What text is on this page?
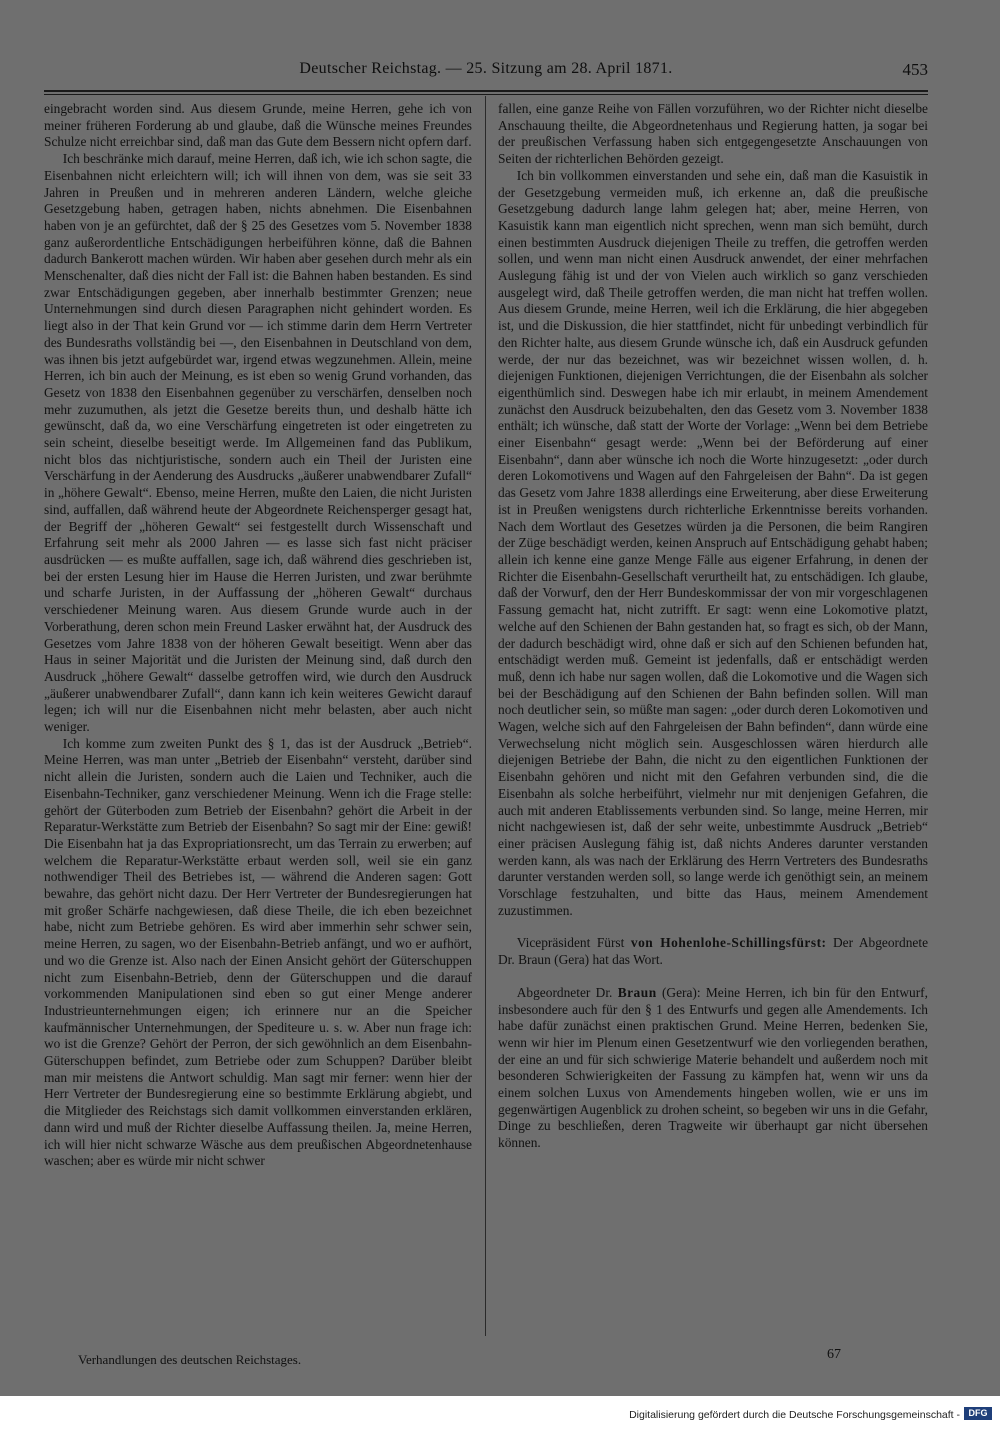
Deutscher Reichstag. — 25. Sitzung am 28. April 1871.	453

eingebracht worden sind. Aus diesem Grunde, meine Herren, gehe ich von meiner früheren Forderung ab und glaube, daß die Wünsche meines Freundes Schulze nicht erreichbar sind, daß man das Gute dem Bessern nicht opfern darf.

Ich beschränke mich darauf, meine Herren, daß ich, wie ich schon sagte, die Eisenbahnen nicht erleichtern will; ich will ihnen von dem, was sie seit 33 Jahren in Preußen und in mehreren anderen Ländern, welche gleiche Gesetzgebung haben, getragen haben, nichts abnehmen. Die Eisenbahnen haben von je an gefürchtet, daß der § 25 des Gesetzes vom 5. November 1838 ganz außerordentliche Entschädigungen herbeiführen könne, daß die Bahnen dadurch Bankerott machen würden. Wir haben aber gesehen durch mehr als ein Menschenalter, daß dies nicht der Fall ist: die Bahnen haben bestanden. Es sind zwar Entschädigungen gegeben, aber innerhalb bestimmter Grenzen; neue Unternehmungen sind durch diesen Paragraphen nicht gehindert worden. Es liegt also in der That kein Grund vor — ich stimme darin dem Herrn Vertreter des Bundesraths vollständig bei —, den Eisenbahnen in Deutschland von dem, was ihnen bis jetzt aufgebürdet war, irgend etwas wegzunehmen. Allein, meine Herren, ich bin auch der Meinung, es ist eben so wenig Grund vorhanden, das Gesetz von 1838 den Eisenbahnen gegenüber zu verschärfen, denselben noch mehr zuzumuthen, als jetzt die Gesetze bereits thun, und deshalb hätte ich gewünscht, daß da, wo eine Verschärfung eingetreten ist oder eingetreten zu sein scheint, dieselbe beseitigt werde. Im Allgemeinen fand das Publikum, nicht blos das nichtjuristische, sondern auch ein Theil der Juristen eine Verschärfung in der Aenderung des Ausdrucks „äußerer unabwendbarer Zufall“ in „höhere Gewalt“. Ebenso, meine Herren, mußte den Laien, die nicht Juristen sind, auffallen, daß während heute der Abgeordnete Reichensperger gesagt hat, der Begriff der „höheren Gewalt“ sei festgestellt durch Wissenschaft und Erfahrung seit mehr als 2000 Jahren — es lasse sich fast nicht präciser ausdrücken — es mußte auffallen, sage ich, daß während dies geschrieben ist, bei der ersten Lesung hier im Hause die Herren Juristen, und zwar berühmte und scharfe Juristen, in der Auffassung der „höheren Gewalt“ durchaus verschiedener Meinung waren. Aus diesem Grunde wurde auch in der Vorberathung, deren schon mein Freund Lasker erwähnt hat, der Ausdruck des Gesetzes vom Jahre 1838 von der höheren Gewalt beseitigt. Wenn aber das Haus in seiner Majorität und die Juristen der Meinung sind, daß durch den Ausdruck „höhere Gewalt“ dasselbe getroffen wird, wie durch den Ausdruck „äußerer unabwendbarer Zufall“, dann kann ich kein weiteres Gewicht darauf legen; ich will nur die Eisenbahnen nicht mehr belasten, aber auch nicht weniger.

Ich komme zum zweiten Punkt des § 1, das ist der Ausdruck „Betrieb“. Meine Herren, was man unter „Betrieb der Eisenbahn“ versteht, darüber sind nicht allein die Juristen, sondern auch die Laien und Techniker, auch die Eisenbahn-Techniker, ganz verschiedener Meinung. Wenn ich die Frage stelle: gehört der Güterboden zum Betrieb der Eisenbahn? gehört die Arbeit in der Reparatur-Werkstätte zum Betrieb der Eisenbahn? So sagt mir der Eine: gewiß! Die Eisenbahn hat ja das Expropriationsrecht, um das Terrain zu erwerben; auf welchem die Reparatur-Werkstätte erbaut werden soll, weil sie ein ganz nothwendiger Theil des Betriebes ist, — während die Anderen sagen: Gott bewahre, das gehört nicht dazu. Der Herr Vertreter der Bundesregierungen hat mit großer Schärfe nachgewiesen, daß diese Theile, die ich eben bezeichnet habe, nicht zum Betriebe gehören. Es wird aber immerhin sehr schwer sein, meine Herren, zu sagen, wo der Eisenbahn-Betrieb anfängt, und wo er aufhört, und wo die Grenze ist. Also nach der Einen Ansicht gehört der Güterschuppen nicht zum Eisenbahn-Betrieb, denn der Güterschuppen und die darauf vorkommenden Manipulationen sind eben so gut einer Menge anderer Industrieunternehmungen eigen; ich erinnere nur an die Speicher kaufmännischer Unternehmungen, der Spediteure u. s. w. Aber nun frage ich: wo ist die Grenze? Gehört der Perron, der sich gewöhnlich an dem Eisenbahn-Güterschuppen befindet, zum Betriebe oder zum Schuppen? Darüber bleibt man mir meistens die Antwort schuldig. Man sagt mir ferner: wenn hier der Herr Vertreter der Bundesregierung eine so bestimmte Erklärung abgiebt, und die Mitglieder des Reichstags sich damit vollkommen einverstanden erklären, dann wird und muß der Richter dieselbe Auffassung theilen. Ja, meine Herren, ich will hier nicht schwarze Wäsche aus dem preußischen Abgeordnetenhause waschen; aber es würde mir nicht schwer

fallen, eine ganze Reihe von Fällen vorzuführen, wo der Richter nicht dieselbe Anschauung theilte, die Abgeordnetenhaus und Regierung hatten, ja sogar bei der preußischen Verfassung haben sich entgegengesetzte Anschauungen von Seiten der richterlichen Behörden gezeigt.

Ich bin vollkommen einverstanden und sehe ein, daß man die Kasuistik in der Gesetzgebung vermeiden muß, ich erkenne an, daß die preußische Gesetzgebung dadurch lange lahm gelegen hat; aber, meine Herren, von Kasuistik kann man eigentlich nicht sprechen, wenn man sich bemüht, durch einen bestimmten Ausdruck diejenigen Theile zu treffen, die getroffen werden sollen, und wenn man nicht einen Ausdruck anwendet, der einer mehrfachen Auslegung fähig ist und der von Vielen auch wirklich so ganz verschieden ausgelegt wird, daß Theile getroffen werden, die man nicht hat treffen wollen. Aus diesem Grunde, meine Herren, weil ich die Erklärung, die hier abgegeben ist, und die Diskussion, die hier stattfindet, nicht für unbedingt verbindlich für den Richter halte, aus diesem Grunde wünsche ich, daß ein Ausdruck gefunden werde, der nur das bezeichnet, was wir bezeichnet wissen wollen, d. h. diejenigen Funktionen, diejenigen Verrichtungen, die der Eisenbahn als solcher eigenthümlich sind. Deswegen habe ich mir erlaubt, in meinem Amendement zunächst den Ausdruck beizubehalten, den das Gesetz vom 3. November 1838 enthält; ich wünsche, daß statt der Worte der Vorlage: „Wenn bei dem Betriebe einer Eisenbahn“ gesagt werde: „Wenn bei der Beförderung auf einer Eisenbahn“, dann aber wünsche ich noch die Worte hinzugesetzt: „oder durch deren Lokomotivens und Wagen auf den Fahrgeleisen der Bahn“. Da ist gegen das Gesetz vom Jahre 1838 allerdings eine Erweiterung, aber diese Erweiterung ist in Preußen wenigstens durch richterliche Erkenntnisse bereits vorhanden. Nach dem Wortlaut des Gesetzes würden ja die Personen, die beim Rangiren der Züge beschädigt werden, keinen Anspruch auf Entschädigung gehabt haben; allein ich kenne eine ganze Menge Fälle aus eigener Erfahrung, in denen der Richter die Eisenbahn-Gesellschaft verurtheilt hat, zu entschädigen. Ich glaube, daß der Vorwurf, den der Herr Bundeskommissar der von mir vorgeschlagenen Fassung gemacht hat, nicht zutrifft. Er sagt: wenn eine Lokomotive platzt, welche auf den Schienen der Bahn gestanden hat, so fragt es sich, ob der Mann, der dadurch beschädigt wird, ohne daß er sich auf den Schienen befunden hat, entschädigt werden muß. Gemeint ist jedenfalls, daß er entschädigt werden muß, denn ich habe nur sagen wollen, daß die Lokomotive und die Wagen sich bei der Beschädigung auf den Schienen der Bahn befinden sollen. Will man noch deutlicher sein, so müßte man sagen: „oder durch deren Lokomotiven und Wagen, welche sich auf den Fahrgeleisen der Bahn befinden“, dann würde eine Verwechselung nicht möglich sein. Ausgeschlossen wären hierdurch alle diejenigen Betriebe der Bahn, die nicht zu den eigentlichen Funktionen der Eisenbahn gehören und nicht mit den Gefahren verbunden sind, die die Eisenbahn als solche herbeiführt, vielmehr nur mit denjenigen Gefahren, die auch mit anderen Etablissements verbunden sind. So lange, meine Herren, mir nicht nachgewiesen ist, daß der sehr weite, unbestimmte Ausdruck „Betrieb“ einer präcisen Auslegung fähig ist, daß nichts Anderes darunter verstanden werden kann, als was nach der Erklärung des Herrn Vertreters des Bundesraths darunter verstanden werden soll, so lange werde ich genöthigt sein, an meinem Vorschlage festzuhalten, und bitte das Haus, meinem Amendement zuzustimmen.

Vicepräsident Fürst von Hohenlohe-Schillingsfürst: Der Abgeordnete Dr. Braun (Gera) hat das Wort.

Abgeordneter Dr. Braun (Gera): Meine Herren, ich bin für den Entwurf, insbesondere auch für den § 1 des Entwurfs und gegen alle Amendements. Ich habe dafür zunächst einen praktischen Grund. Meine Herren, bedenken Sie, wenn wir hier im Plenum einen Gesetzentwurf wie den vorliegenden berathen, der eine an und für sich schwierige Materie behandelt und außerdem noch mit besonderen Schwierigkeiten der Fassung zu kämpfen hat, wenn wir uns da einem solchen Luxus von Amendements hingeben wollen, wie er uns im gegenwärtigen Augenblick zu drohen scheint, so begeben wir uns in die Gefahr, Dinge zu beschließen, deren Tragweite wir überhaupt gar nicht übersehen können.

Verhandlungen des deutschen Reichstages.	67
Digitalisierung gefördert durch die Deutsche Forschungsgemeinschaft - DFG
